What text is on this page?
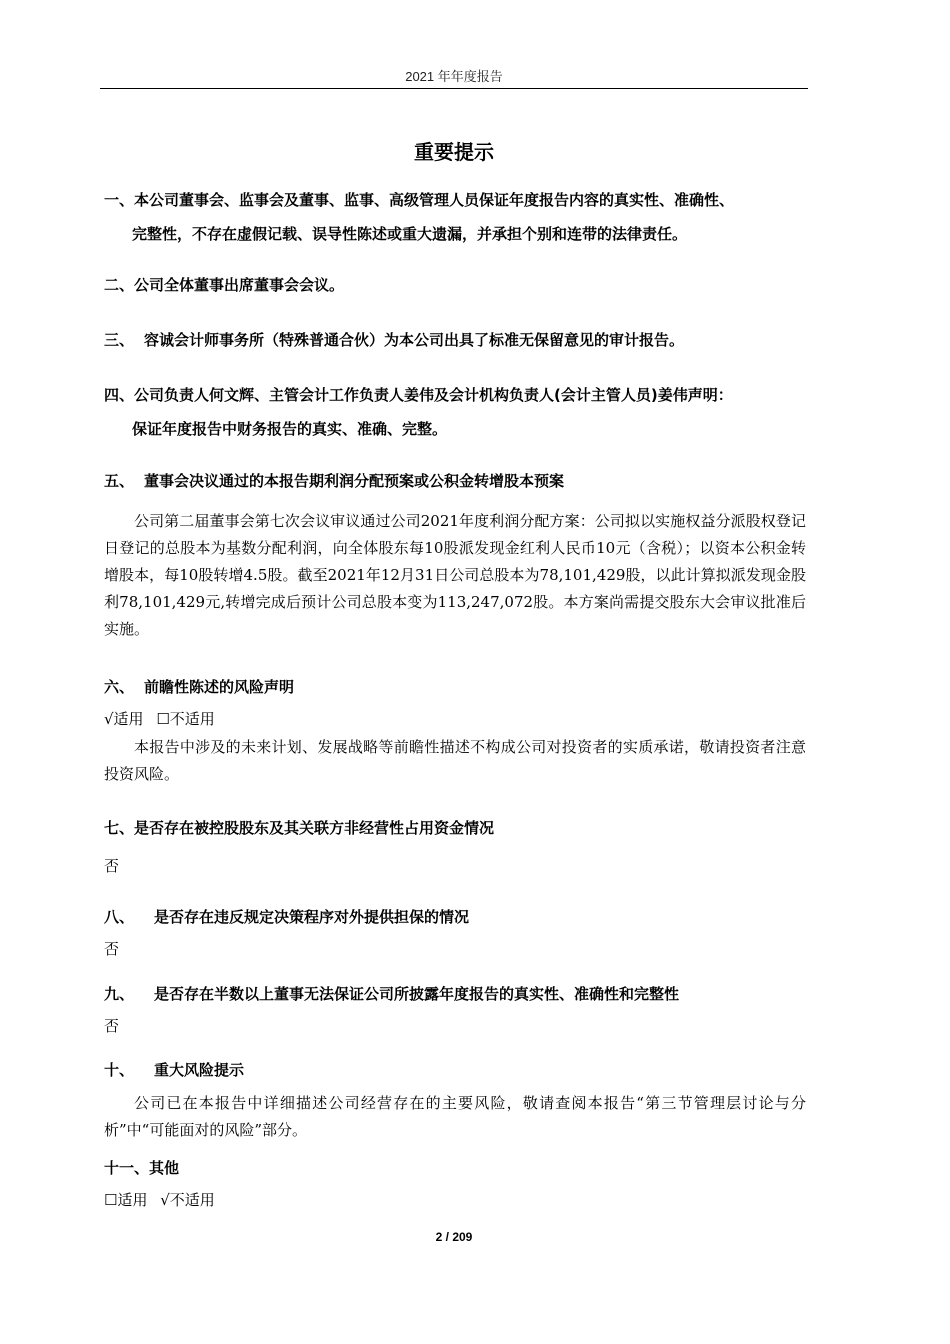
2021 年年度报告
重要提示
一、本公司董事会、监事会及董事、监事、高级管理人员保证年度报告内容的真实性、准确性、
完整性，不存在虚假记载、误导性陈述或重大遗漏，并承担个别和连带的法律责任。
二、公司全体董事出席董事会会议。
三、 容诚会计师事务所（特殊普通合伙）为本公司出具了标准无保留意见的审计报告。
四、公司负责人何文辉、主管会计工作负责人姜伟及会计机构负责人(会计主管人员)姜伟声明：
保证年度报告中财务报告的真实、准确、完整。
五、 董事会决议通过的本报告期利润分配预案或公积金转增股本预案
公司第二届董事会第七次会议审议通过公司2021年度利润分配方案：公司拟以实施权益分派股权登记日登记的总股本为基数分配利润，向全体股东每10股派发现金红利人民币10元（含税）；以资本公积金转增股本，每10股转增4.5股。截至2021年12月31日公司总股本为78,101,429股，以此计算拟派发现金股利78,101,429元,转增完成后预计公司总股本变为113,247,072股。本方案尚需提交股东大会审议批准后实施。
六、 前瞻性陈述的风险声明
√适用 ☐不适用
本报告中涉及的未来计划、发展战略等前瞻性描述不构成公司对投资者的实质承诺，敬请投资者注意投资风险。
七、是否存在被控股股东及其关联方非经营性占用资金情况
否
八、 是否存在违反规定决策程序对外提供担保的情况
否
九、 是否存在半数以上董事无法保证公司所披露年度报告的真实性、准确性和完整性
否
十、 重大风险提示
公司已在本报告中详细描述公司经营存在的主要风险，敬请查阅本报告“第三节管理层讨论与分析”中“可能面对的风险”部分。
十一、其他
☐适用 √不适用
2 / 209
